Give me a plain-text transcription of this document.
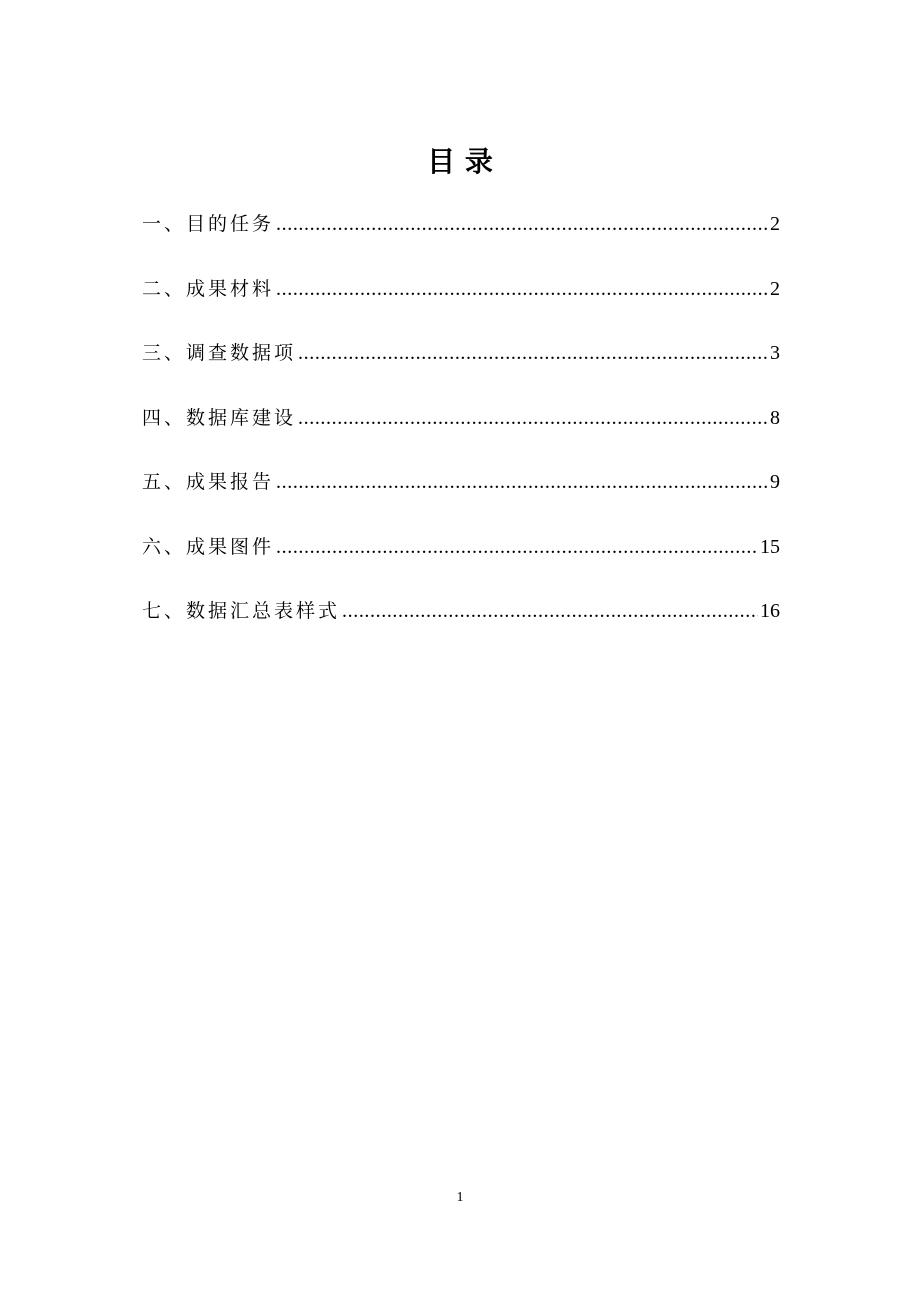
目 录
一、目的任务 .....	2
二、成果材料 .....	2
三、调查数据项 .....	3
四、数据库建设 .....	8
五、成果报告 .....	9
六、成果图件 .....	15
七、数据汇总表样式 .....	16
1
